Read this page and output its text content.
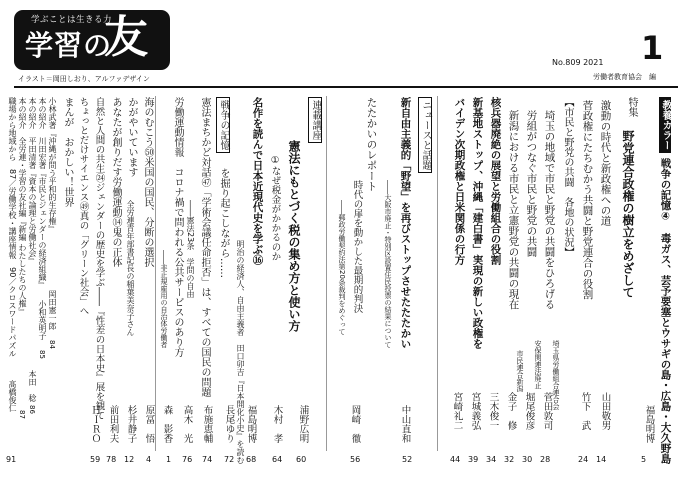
学ぶことは生きる力
学習の
友
イラスト＝岡田しおり、アルファデザイン
No.809 2021 1
労働者教育協会　編
教養カラー
戦争の記憶④　毒ガス、芸予要塞とウサギの島・広島・大久野島
福島明博
5
特集
野党連合政権の樹立をめざして
激動の時代と新政権への道
山田敬男
14
菅政権にたちむかう共闘と野党連合の役割
竹下　武
24
【市民と野党の共闘　各地の状況】
埼玉の地域で市民と野党の共闘をひろげる
埼玉県労働組合連合会
菅田敦司
28
労組がつなぐ市民と野党の共闘
安保関連法廃止
堀尾俊彦
30
新潟における市民と立憲野党の共闘の現在
市民連合新潟
金子　修
32
核兵器廃絶の展望と労働組合の役割
三木俊一
34
新基地ストップ、沖縄「建白書」実現の新しい政権を
宮城義弘
39
バイデン次期政権と日米関係の行方
宮崎礼二
44
ニュースと話題
新自由主義的「野望」を再びストップさせたたたかい
――大阪市廃止・特別区設置住民投票の結果について
中山直和
52
たたかいのレポート
時代の扉を動かした最期的判決
――郵政労働契約法第20条裁判をめぐって
岡崎　徹
56
連載講座
憲法にもとづく税の集め方と使い方
①なぜ税金がかかるのか
浦野広明
60
名作を読んで日本近現代史を学ぶ⑯
明治の経済人、自由主義者　田口卯吉『日本開化小史』を読む	木村　孝
64
戦争の記憶
を掘り起こしながら……
福島明博
68
憲法まちかど対話㊼「学術会議任命拒否」は、すべての国民の問題
――憲法23条　学問の自由
長尾ゆり
72
労働運動情報　コロナ禍で問われる公共サービスのあり方
――非正規雇用の自治体労働者
布施恵輔
74
海のむこう㊿米国の国民、分断の選択
高木　光
76
かがやいています
全労連青年部書記長の稲葉美奈子さん
森　影香
1
あなたが創りだす労働運動⑭鬼の正体
原冨　悟
4
自然と人間の共生㉔ジェンダーの歴史を学ぶ――『性差の日本史』展を観て
杉井静子
12
ちょっとだけサイエンス㊾真の「グリーン社会」へ
前田利夫
78
まんが　おかしい！世界
ＨＩＲＯ
59
小林武著『沖縄が問う平和的生存権』
岡田憲一郎
84
本の紹介　川田宏著『市民とジェンダーの経済組織』
小和英明子
85
本の紹介　平田清著『資本の論理と労働社会』
本田　稔
86
本の紹介　全労連・学習の友社編『新編 わたしたちの人権』
87
職場から地域から　87／労働学校・講座情報　90／クロスワードパズル
髙橋俊仁
91
